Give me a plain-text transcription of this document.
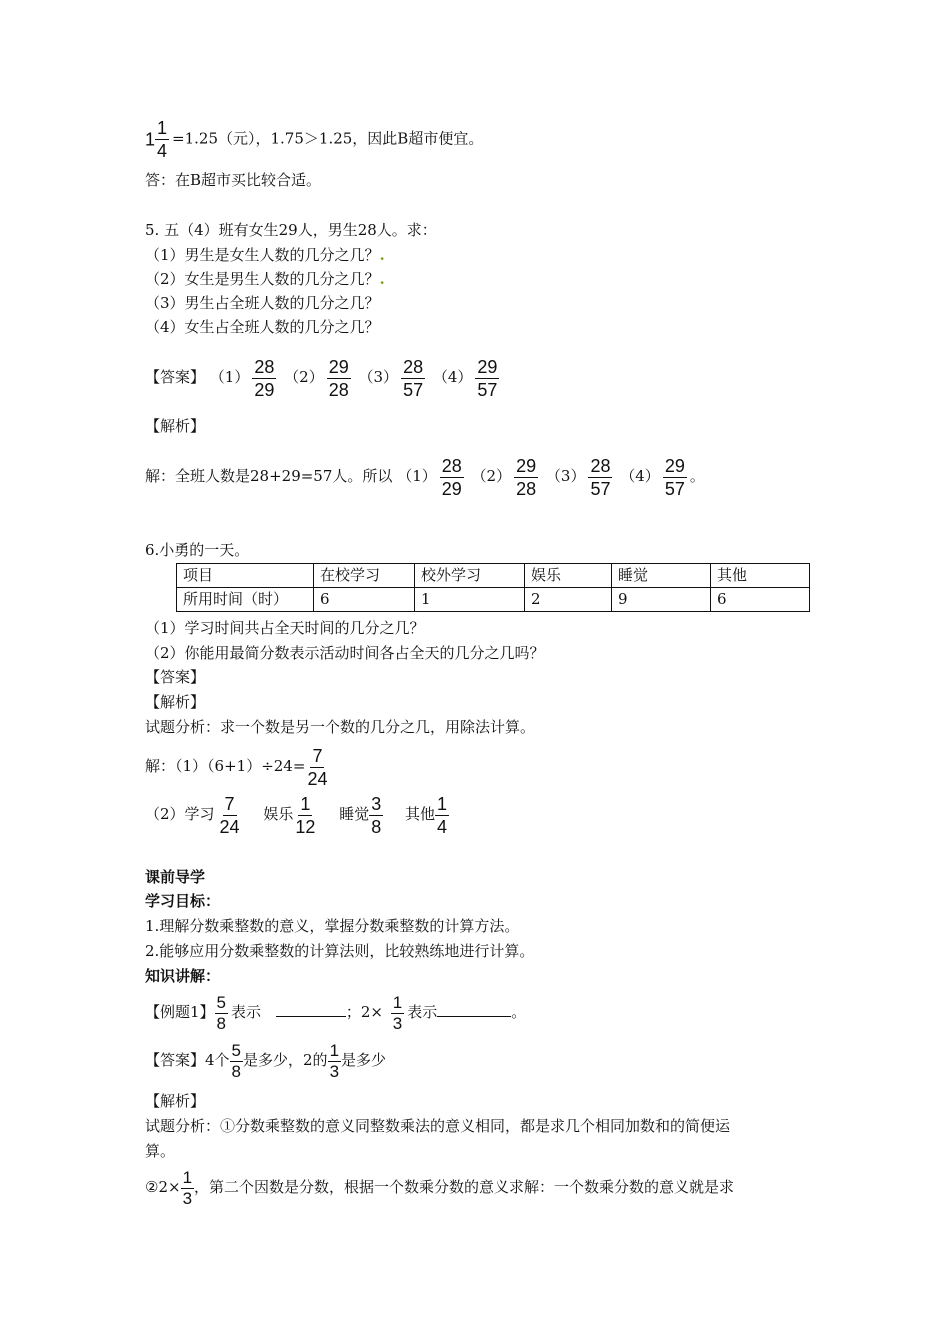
$1 \frac{1}{4} =1.25$（元），1.75＞1.25，因此B超市便宜。
答：在B超市买比较合适。
5. 五（4）班有女生29人，男生28人。求：
（1）男生是女生人数的几分之几？.
（2）女生是男生人数的几分之几？.
（3）男生占全班人数的几分之几？
（4）女生占全班人数的几分之几？
【答案】 $(1) \frac{28}{29} (2) \frac{29}{28} (3) \frac{28}{57} (4) \frac{29}{57}$
【解析】
解：全班人数是28+29=57人。所以 $(1) \frac{28}{29} (2) \frac{29}{28} (3) \frac{28}{57} (4) \frac{29}{57}$ 。
6.小勇的一天。
项目	在校学习	校外学习	娱乐	睡觉	其他
所用时间（时）	6	1	2	9	6
（1）学习时间共占全天时间的几分之几？
（2）你能用最简分数表示活动时间各占全天的几分之几吗？
【答案】
【解析】
试题分析：求一个数是另一个数的几分之几，用除法计算。
解：$(1)(6+1)\div 24= \frac{7}{24}$
（2）学习 $\frac{7}{24}$ 娱乐 $\frac{1}{12}$ 睡觉 $\frac{3}{8}$ 其他 $\frac{1}{4}$
课前导学
学习目标：
1.理解分数乘整数的意义，掌握分数乘整数的计算方法。
2.能够应用分数乘整数的计算法则，比较熟练地进行计算。
知识讲解：
【例题1】 $\frac{5}{8}$ 表示	；$2\times \frac{1}{3}$ 表示	。
【答案】4个 $\frac{5}{8}$ 是多少，2的 $\frac{1}{3}$ 是多少
【解析】
试题分析：①分数乘整数的意义同整数乘法的意义相同，都是求几个相同加数和的简便运
算。
②2× $\frac{1}{3}$ ，第二个因数是分数，根据一个数乘分数的意义求解：一个数乘分数的意义就是求
